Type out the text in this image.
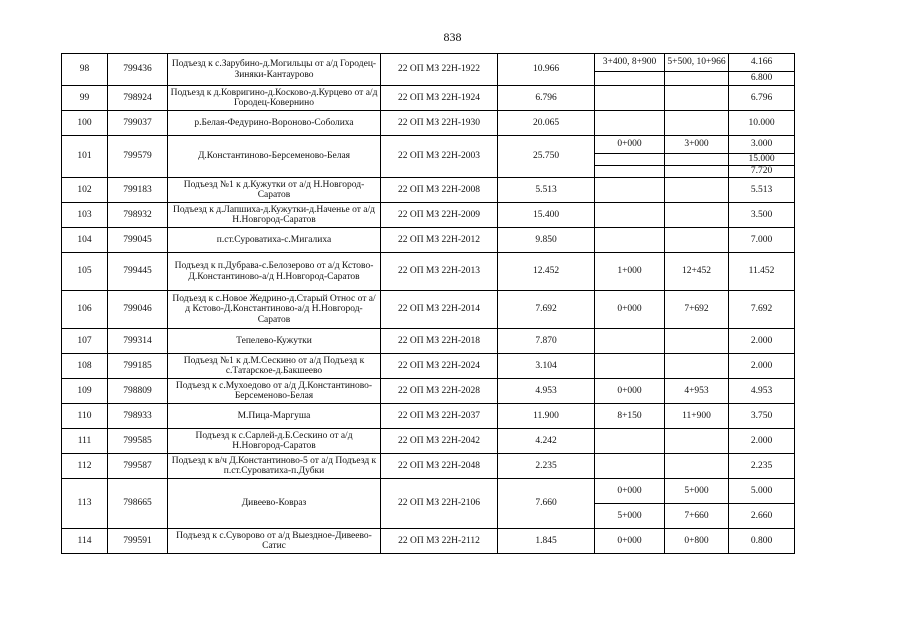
838
98	799436	Подъезд к с.Зарубино-д.Могильцы от а/д Городец-Зиняки-Кантаурово	22 ОП МЗ 22Н-1922	10.966	3+400, 8+900	5+500, 10+966	4.166
							6.800
99	798924	Подъезд к д.Ковригино-д.Косково-д.Курцево от а/д Городец-Ковернино	22 ОП МЗ 22Н-1924	6.796			6.796
100	799037	р.Белая-Федурино-Вороново-Соболиха	22 ОП МЗ 22Н-1930	20.065			10.000
101	799579	Д.Константиново-Берсеменово-Белая	22 ОП МЗ 22Н-2003	25.750	0+000	3+000	3.000
							15.000
							7.720
102	799183	Подъезд №1 к д.Кужутки от а/д Н.Новгород-Саратов	22 ОП МЗ 22Н-2008	5.513			5.513
103	798932	Подъезд к д.Лапшиха-д.Кужутки-д.Наченье от а/д Н.Новгород-Саратов	22 ОП МЗ 22Н-2009	15.400			3.500
104	799045	п.ст.Суроватиха-с.Мигалиха	22 ОП МЗ 22Н-2012	9.850			7.000
105	799445	Подъезд к п.Дубрава-с.Белозерово от а/д Кстово-Д.Константиново-а/д Н.Новгород-Саратов	22 ОП МЗ 22Н-2013	12.452	1+000	12+452	11.452
106	799046	Подъезд к с.Новое Жедрино-д.Старый Относ от а/д Кстово-Д.Константиново-а/д Н.Новгород-Саратов	22 ОП МЗ 22Н-2014	7.692	0+000	7+692	7.692
107	799314	Тепелево-Кужутки	22 ОП МЗ 22Н-2018	7.870			2.000
108	799185	Подъезд №1 к д.М.Сескино от а/д Подъезд к с.Татарское-д.Бакшеево	22 ОП МЗ 22Н-2024	3.104			2.000
109	798809	Подъезд к с.Мухоедово от а/д Д.Константиново-Берсеменово-Белая	22 ОП МЗ 22Н-2028	4.953	0+000	4+953	4.953
110	798933	М.Пица-Маргуша	22 ОП МЗ 22Н-2037	11.900	8+150	11+900	3.750
111	799585	Подъезд к с.Сарлей-д.Б.Сескино от а/д Н.Новгород-Саратов	22 ОП МЗ 22Н-2042	4.242			2.000
112	799587	Подъезд к в/ч Д.Константиново-5 от а/д Подъезд к п.ст.Суроватиха-п.Дубки	22 ОП МЗ 22Н-2048	2.235			2.235
113	798665	Дивеево-Ковраз	22 ОП МЗ 22Н-2106	7.660	0+000	5+000	5.000
					5+000	7+660	2.660
114	799591	Подъезд к с.Суворово от а/д Выездное-Дивеево-Сатис	22 ОП МЗ 22Н-2112	1.845	0+000	0+800	0.800
